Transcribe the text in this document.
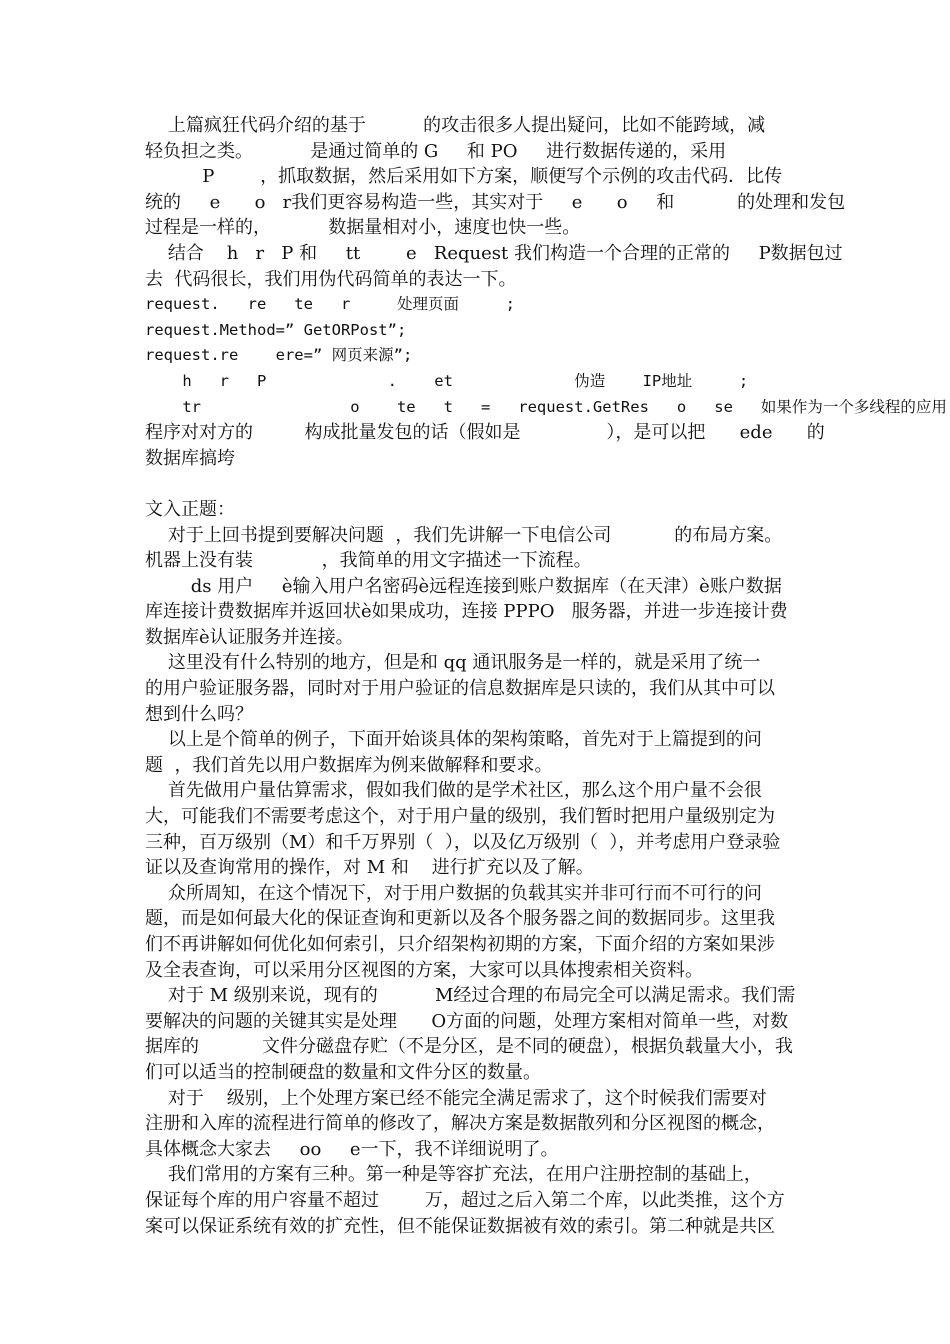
上篇疯狂代码介绍的基于          的攻击很多人提出疑问，比如不能跨域，减
轻负担之类。          是通过简单的 G     和 PO     进行数据传递的，采用
P        ，抓取数据，然后采用如下方案，顺便写个示例的攻击代码．比传
统的     e      o   r我们更容易构造一些，其实对于     e      o     和           的处理和发包
过程是一样的，          数据量相对小，速度也快一些。
结合    h   r   P 和     tt        e   Request 我们构造一个合理的正常的     P数据包过
去  代码很长，我们用伪代码简单的表达一下。
request.   re   te   r     处理页面     ;
request.Method=” GetORPost”;
request.re    ere=” 网页来源”;
h   r   P             .    et             伪造    IP地址     ;
tr                o    te   t   =   request.GetRes   o   se   如果作为一个多线程的应用
程序对对方的         构成批量发包的话（假如是               ），是可以把      ede      的
数据库搞垮
文入正题：
对于上回书提到要解决问题  ，我们先讲解一下电信公司           的布局方案。
机器上没有装            ，我简单的用文字描述一下流程。
ds 用户     è输入用户名密码è远程连接到账户数据库（在天津）è账户数据
库连接计费数据库并返回状è如果成功，连接 PPPO   服务器，并进一步连接计费
数据库è认证服务并连接。
这里没有什么特别的地方，但是和 qq 通讯服务是一样的，就是采用了统一
的用户验证服务器，同时对于用户验证的信息数据库是只读的，我们从其中可以
想到什么吗？
以上是个简单的例子，下面开始谈具体的架构策略，首先对于上篇提到的问
题  ，我们首先以用户数据库为例来做解释和要求。
首先做用户量估算需求，假如我们做的是学术社区，那么这个用户量不会很
大，可能我们不需要考虑这个，对于用户量的级别，我们暂时把用户量级别定为
三种，百万级别（M）和千万界别（  ），以及亿万级别（  ），并考虑用户登录验
证以及查询常用的操作，对 M 和    进行扩充以及了解。
众所周知，在这个情况下，对于用户数据的负载其实并非可行而不可行的问
题，而是如何最大化的保证查询和更新以及各个服务器之间的数据同步。这里我
们不再讲解如何优化如何索引，只介绍架构初期的方案，下面介绍的方案如果涉
及全表查询，可以采用分区视图的方案，大家可以具体搜索相关资料。
对于 M 级别来说，现有的          M经过合理的布局完全可以满足需求。我们需
要解决的问题的关键其实是处理      O方面的问题，处理方案相对简单一些，对数
据库的           文件分磁盘存贮（不是分区，是不同的硬盘），根据负载量大小，我
们可以适当的控制硬盘的数量和文件分区的数量。
对于    级别，上个处理方案已经不能完全满足需求了，这个时候我们需要对
注册和入库的流程进行简单的修改了，解决方案是数据散列和分区视图的概念，
具体概念大家去     oo     e一下，我不详细说明了。
我们常用的方案有三种。第一种是等容扩充法，在用户注册控制的基础上，
保证每个库的用户容量不超过        万，超过之后入第二个库，以此类推，这个方
案可以保证系统有效的扩充性，但不能保证数据被有效的索引。第二种就是共区
